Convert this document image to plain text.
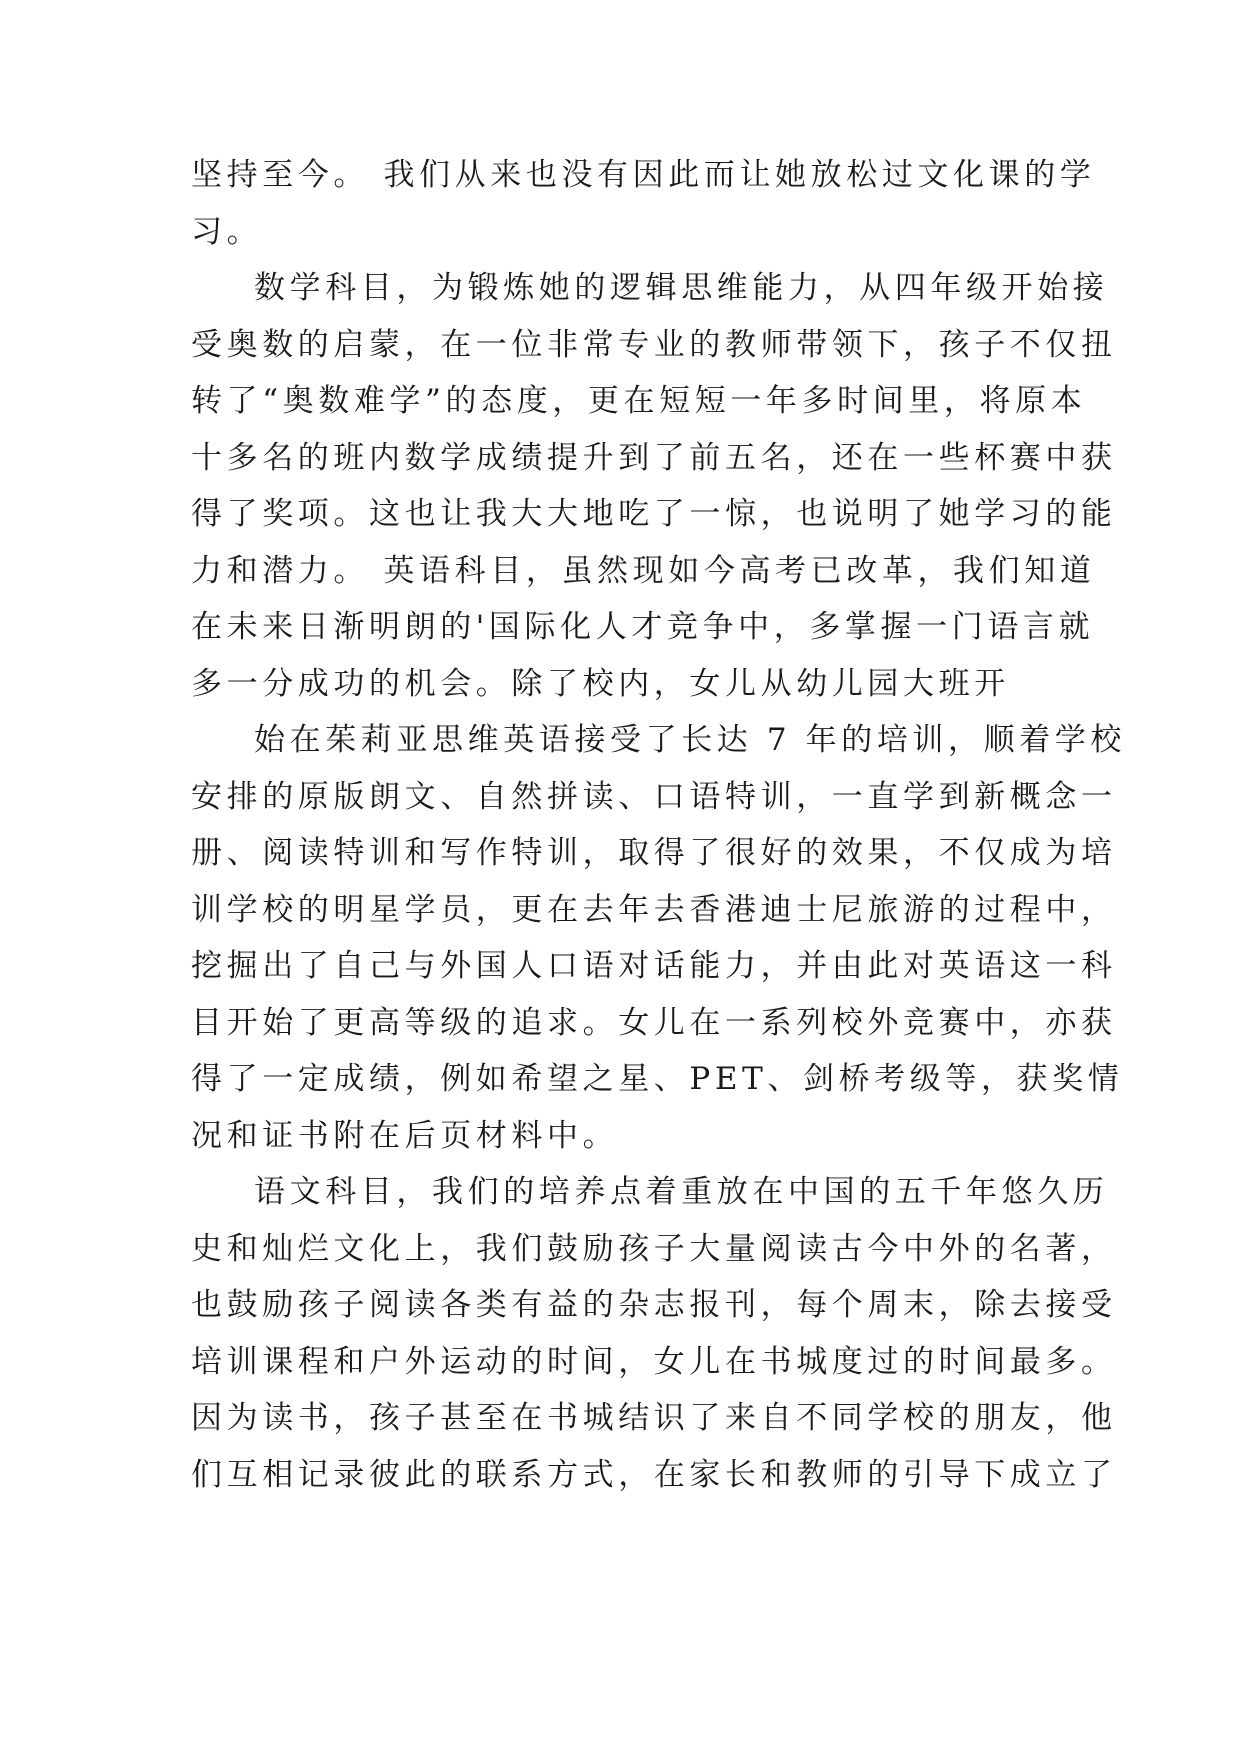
坚持至今。 我们从来也没有因此而让她放松过文化课的学
习。
数学科目，为锻炼她的逻辑思维能力，从四年级开始接
受奥数的启蒙，在一位非常专业的教师带领下，孩子不仅扭
转了“奥数难学”的态度，更在短短一年多时间里，将原本
十多名的班内数学成绩提升到了前五名，还在一些杯赛中获
得了奖项。这也让我大大地吃了一惊，也说明了她学习的能
力和潜力。 英语科目，虽然现如今高考已改革，我们知道
在未来日渐明朗的'国际化人才竞争中，多掌握一门语言就
多一分成功的机会。除了校内，女儿从幼儿园大班开
始在茱莉亚思维英语接受了长达 7 年的培训，顺着学校
安排的原版朗文、自然拼读、口语特训，一直学到新概念一
册、阅读特训和写作特训，取得了很好的效果，不仅成为培
训学校的明星学员，更在去年去香港迪士尼旅游的过程中，
挖掘出了自己与外国人口语对话能力，并由此对英语这一科
目开始了更高等级的追求。女儿在一系列校外竞赛中，亦获
得了一定成绩，例如希望之星、PET、剑桥考级等，获奖情
况和证书附在后页材料中。
语文科目，我们的培养点着重放在中国的五千年悠久历
史和灿烂文化上，我们鼓励孩子大量阅读古今中外的名著，
也鼓励孩子阅读各类有益的杂志报刊，每个周末，除去接受
培训课程和户外运动的时间，女儿在书城度过的时间最多。
因为读书，孩子甚至在书城结识了来自不同学校的朋友，他
们互相记录彼此的联系方式，在家长和教师的引导下成立了
